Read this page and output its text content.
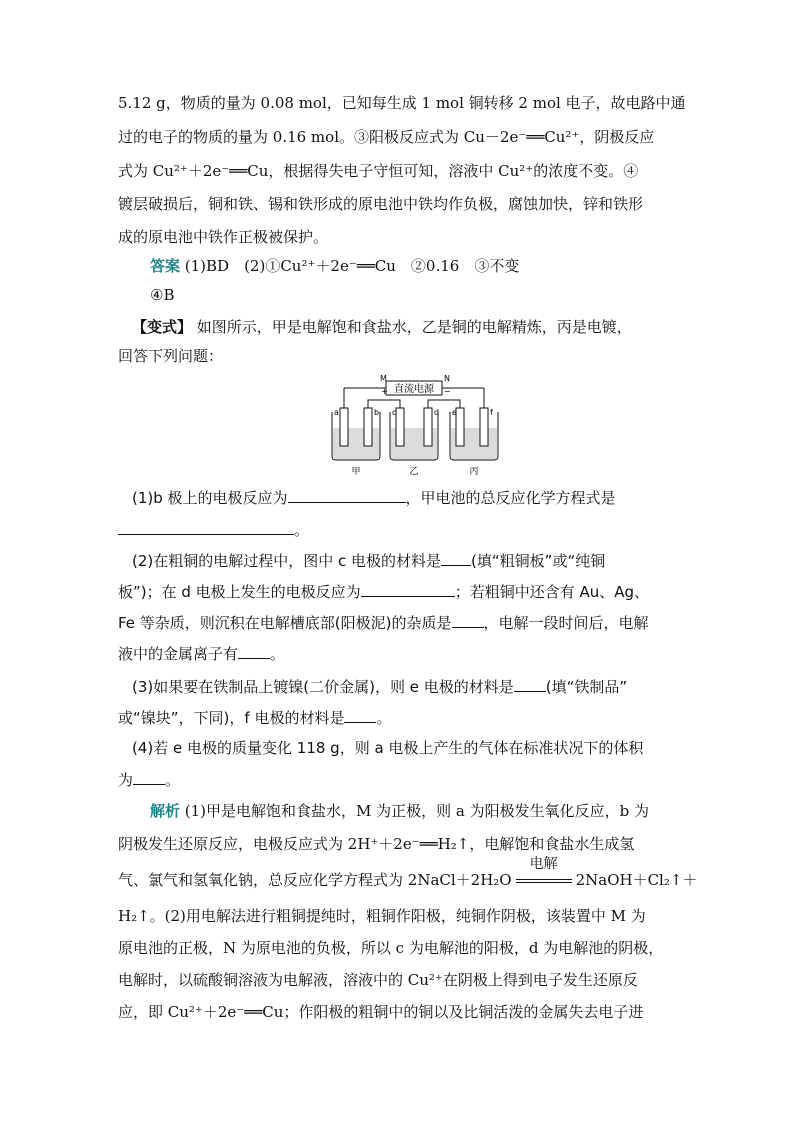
5.12 g，物质的量为 0.08 mol，已知每生成 1 mol 铜转移 2 mol 电子，故电路中通
过的电子的物质的量为 0.16 mol。③阳极反应式为 Cu－2e⁻══Cu²⁺，阴极反应
式为 Cu²⁺＋2e⁻══Cu，根据得失电子守恒可知，溶液中 Cu²⁺的浓度不变。④
镀层破损后，铜和铁、锡和铁形成的原电池中铁均作负极，腐蚀加快，锌和铁形
成的原电池中铁作正极被保护。
答案 (1)BD　(2)①Cu²⁺＋2e⁻══Cu　②0.16　③不变
④B
【变式】 如图所示，甲是电解饱和食盐水，乙是铜的电解精炼，丙是电镀，
回答下列问题：
直流电源
M	N
+	−
a	b c	d e	f
甲	乙	丙
(1)b 极上的电极反应为	，甲电池的总反应化学方程式是
。
(2)在粗铜的电解过程中，图中 c 电极的材料是 (填“粗铜板”或“纯铜
板”)；在 d 电极上发生的电极反应为	；若粗铜中还含有 Au、Ag、
Fe 等杂质，则沉积在电解槽底部(阳极泥)的杂质是 ，电解一段时间后，电解
液中的金属离子有 。
(3)如果要在铁制品上镀镍(二价金属)，则 e 电极的材料是 (填“铁制品”
或“镍块”，下同)，f 电极的材料是 。
(4)若 e 电极的质量变化 118 g，则 a 电极上产生的气体在标准状况下的体积
为 。
解析 (1)甲是电解饱和食盐水，M 为正极，则 a 为阳极发生氧化反应，b 为
阴极发生还原反应，电极反应式为 2H⁺＋2e⁻══H₂↑，电解饱和食盐水生成氢
气、氯气和氢氧化钠，总反应化学方程式为 2NaCl＋2H₂O
电解
2NaOH＋Cl₂↑＋
H₂↑。(2)用电解法进行粗铜提纯时，粗铜作阳极，纯铜作阴极，该装置中 M 为
原电池的正极，N 为原电池的负极，所以 c 为电解池的阳极，d 为电解池的阴极，
电解时，以硫酸铜溶液为电解液，溶液中的 Cu²⁺在阴极上得到电子发生还原反
应，即 Cu²⁺＋2e⁻══Cu；作阳极的粗铜中的铜以及比铜活泼的金属失去电子进
